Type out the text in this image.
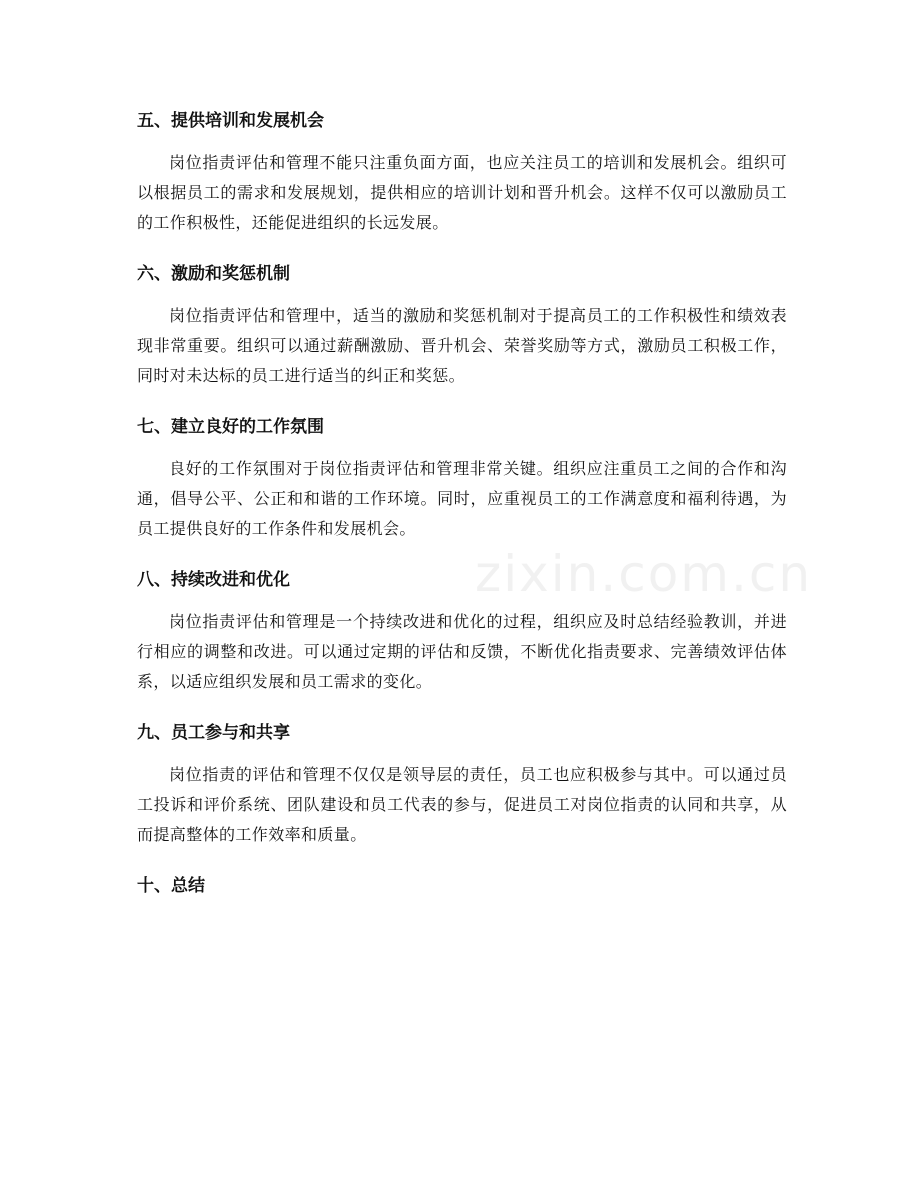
五、提供培训和发展机会

岗位指责评估和管理不能只注重负面方面，也应关注员工的培训和发展机会。组织可以根据员工的需求和发展规划，提供相应的培训计划和晋升机会。这样不仅可以激励员工的工作积极性，还能促进组织的长远发展。

六、激励和奖惩机制

岗位指责评估和管理中，适当的激励和奖惩机制对于提高员工的工作积极性和绩效表现非常重要。组织可以通过薪酬激励、晋升机会、荣誉奖励等方式，激励员工积极工作，同时对未达标的员工进行适当的纠正和奖惩。

七、建立良好的工作氛围

良好的工作氛围对于岗位指责评估和管理非常关键。组织应注重员工之间的合作和沟通，倡导公平、公正和和谐的工作环境。同时，应重视员工的工作满意度和福利待遇，为员工提供良好的工作条件和发展机会。

八、持续改进和优化

岗位指责评估和管理是一个持续改进和优化的过程，组织应及时总结经验教训，并进行相应的调整和改进。可以通过定期的评估和反馈，不断优化指责要求、完善绩效评估体系，以适应组织发展和员工需求的变化。

九、员工参与和共享

岗位指责的评估和管理不仅仅是领导层的责任，员工也应积极参与其中。可以通过员工投诉和评价系统、团队建设和员工代表的参与，促进员工对岗位指责的认同和共享，从而提高整体的工作效率和质量。

十、总结
zixin.com.cn
